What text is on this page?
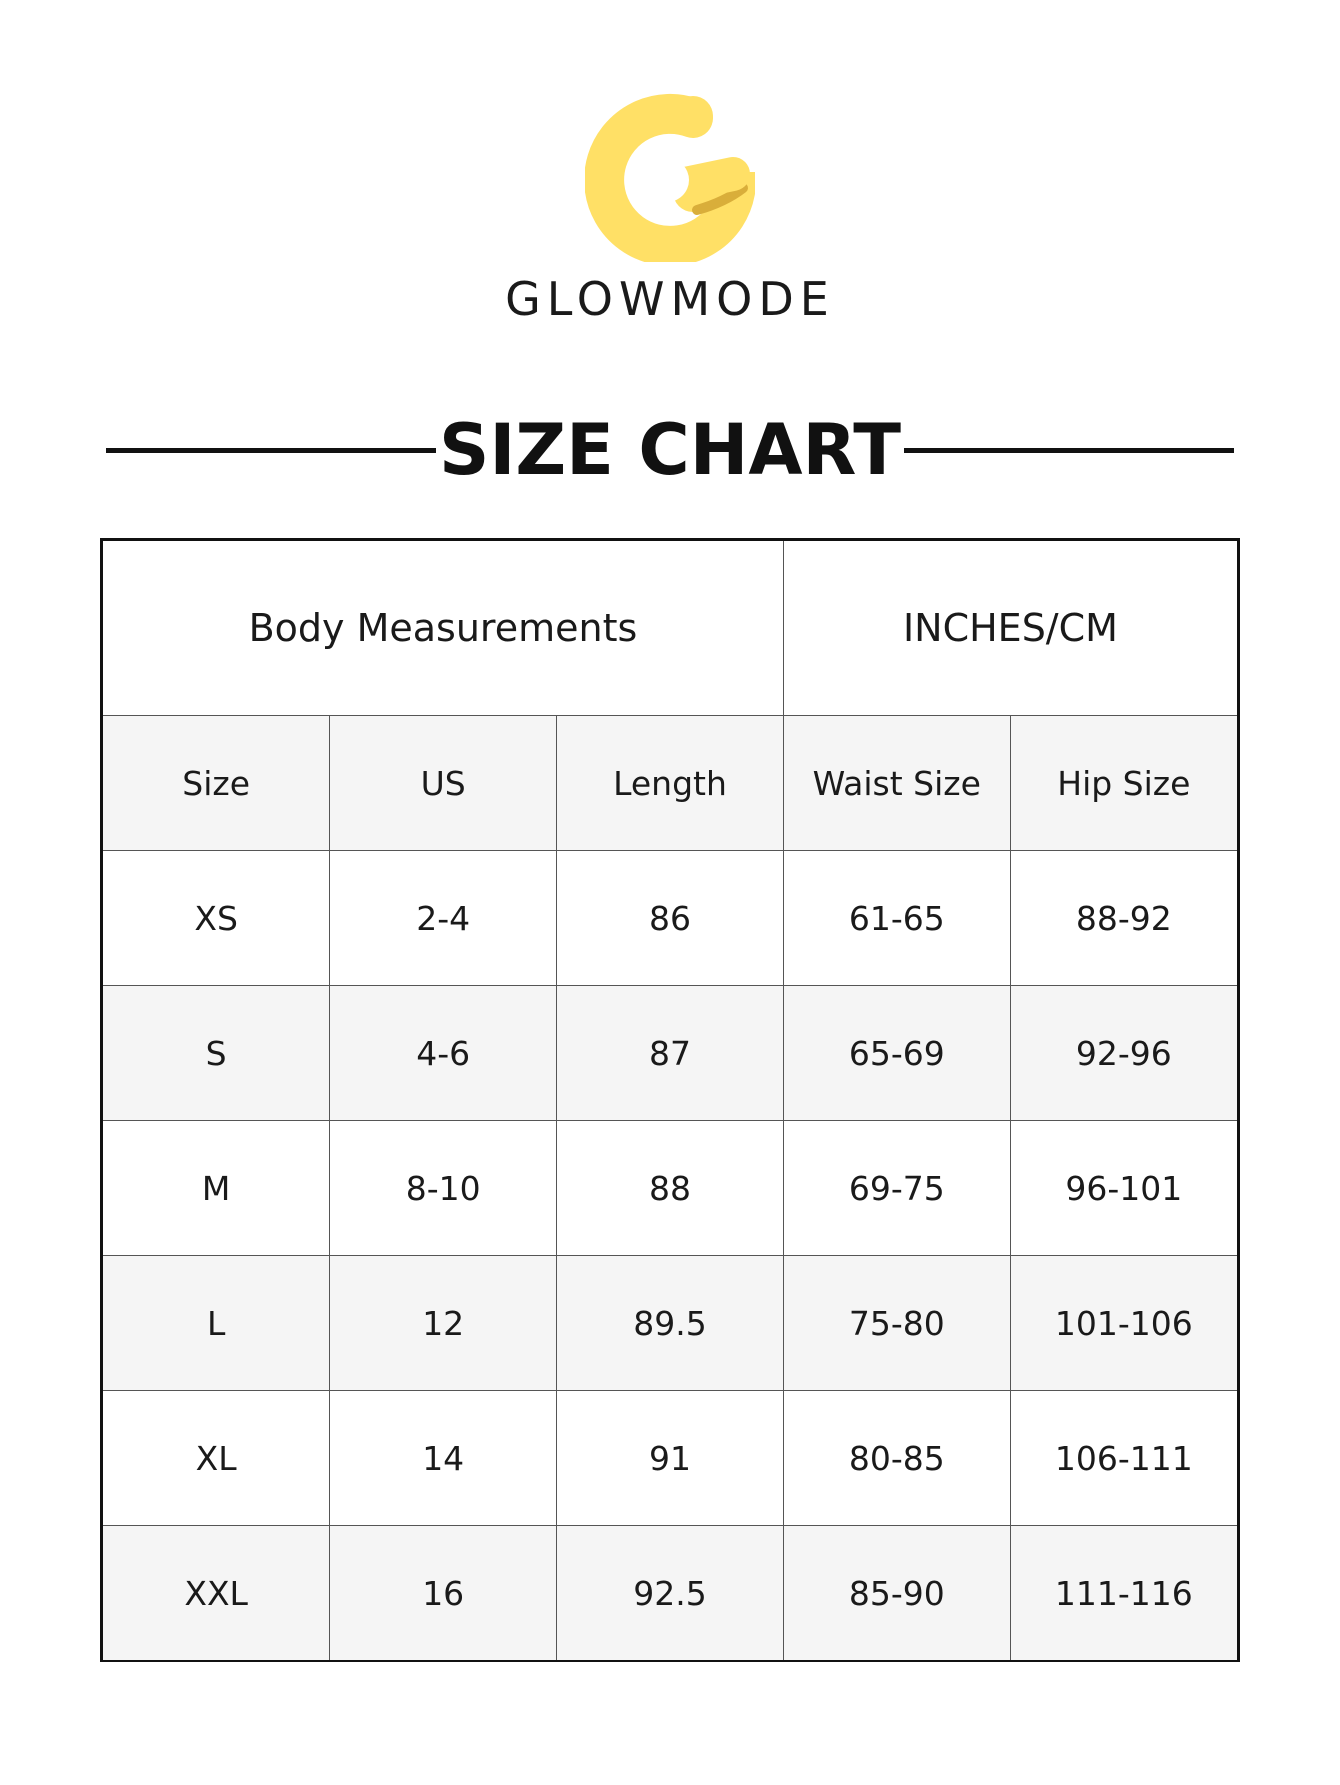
GLOWMODE
SIZE CHART
Body Measurements			INCHES/CM	
Size	US	Length	Waist Size	Hip Size
XS	2-4	86	61-65	88-92
S	4-6	87	65-69	92-96
M	8-10	88	69-75	96-101
L	12	89.5	75-80	101-106
XL	14	91	80-85	106-111
XXL	16	92.5	85-90	111-116
